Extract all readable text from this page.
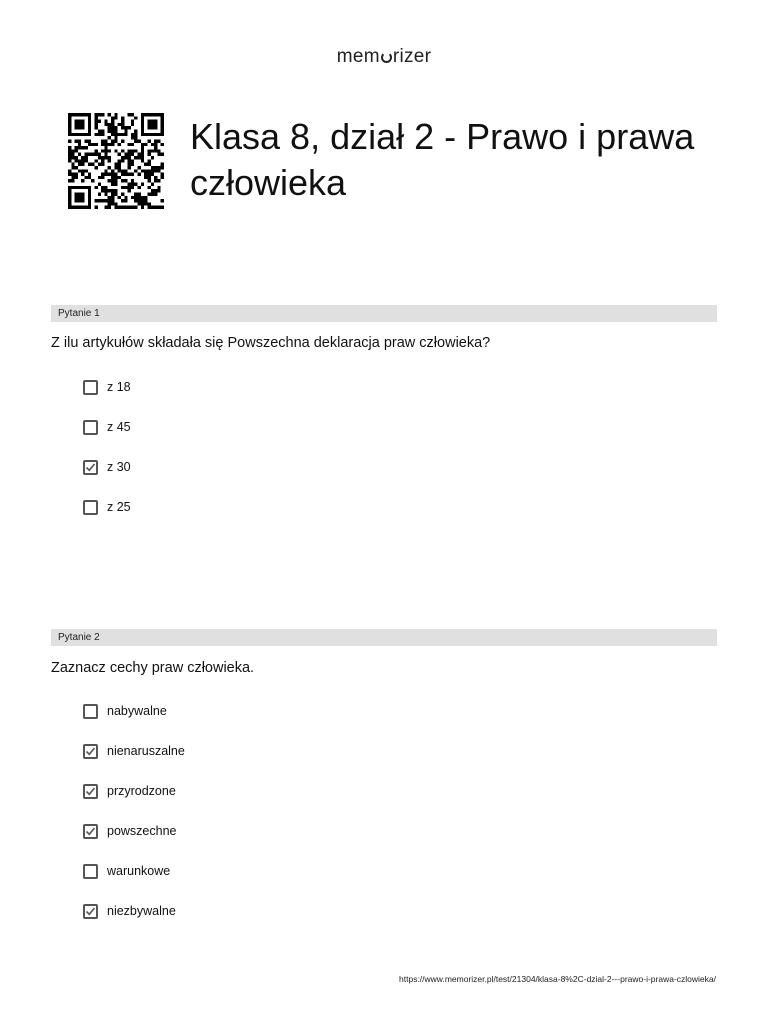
mem rizer
Klasa 8, dział 2 - Prawo i prawa człowieka
Pytanie 1
Z ilu artykułów składała się Powszechna deklaracja praw człowieka?
z 18
z 45
z 30
z 25
Pytanie 2
Zaznacz cechy praw człowieka.
nabywalne
nienaruszalne
przyrodzone
powszechne
warunkowe
niezbywalne
https://www.memorizer.pl/test/21304/klasa-8%2C-dzial-2---prawo-i-prawa-czlowieka/
